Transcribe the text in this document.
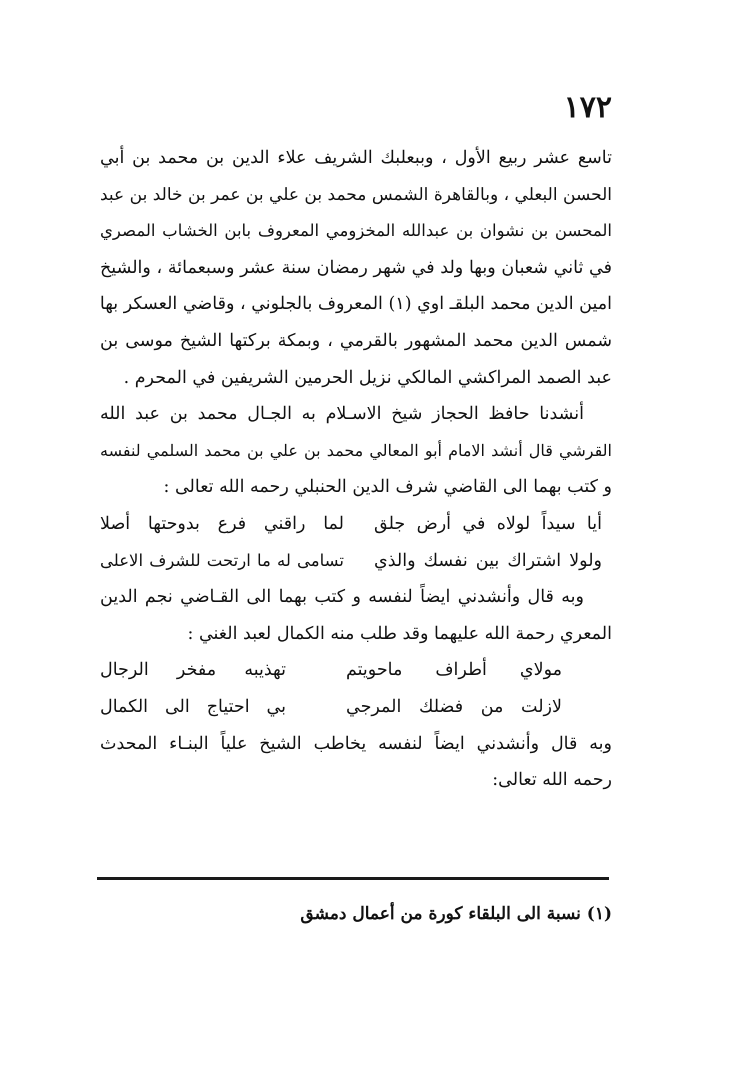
١٧٢
تاسع عشر ربيع الأول ، وببعلبك الشريف علاء الدين بن محمد بن أبي
الحسن البعلي ، وبالقاهرة الشمس محمد بن علي بن عمر بن خالد بن عبد
المحسن بن نشوان بن عبدالله المخزومي المعروف بابن الخشاب المصري
في ثاني شعبان وبها ولد في شهر رمضان سنة عشر وسبعمائة ، والشيخ
امين الدين محمد البلقـ اوي (١) المعروف بالجلوني ، وقاضي العسكر بها
شمس الدين محمد المشهور بالقرمي ، وبمكة بركتها الشيخ موسى بن
عبد الصمد المراكشي المالكي نزيل الحرمين الشريفين في المحرم .
أنشدنا حافظ الحجاز شيخ الاسـلام به الجـال محمد بن عبد الله
القرشي قال أنشد الامام أبو المعالي محمد بن علي بن محمد السلمي لنفسه
و كتب بهما الى القاضي شرف الدين الحنبلي رحمه الله تعالى :
أيا سيداً لولاه في أرض جلق
لما راقني فرع بدوحتها أصلا
ولولا اشتراك بين نفسك والذي
تسامى له ما ارتحت للشرف الاعلى
وبه قال وأنشدني ايضاً لنفسه و كتب بهما الى القـاضي نجم الدين
المعري رحمة الله عليهما وقد طلب منه الكمال لعبد الغني :
مولاي أطراف ماحويتم
تهذيبه مفخر الرجال
لازلت من فضلك المرجي
بي احتياج الى الكمال
وبه قال وأنشدني ايضاً لنفسه يخاطب الشيخ علياً البنـاء المحدث
رحمه الله تعالى:
(١) نسبة الى البلقاء كورة من أعمال دمشق
